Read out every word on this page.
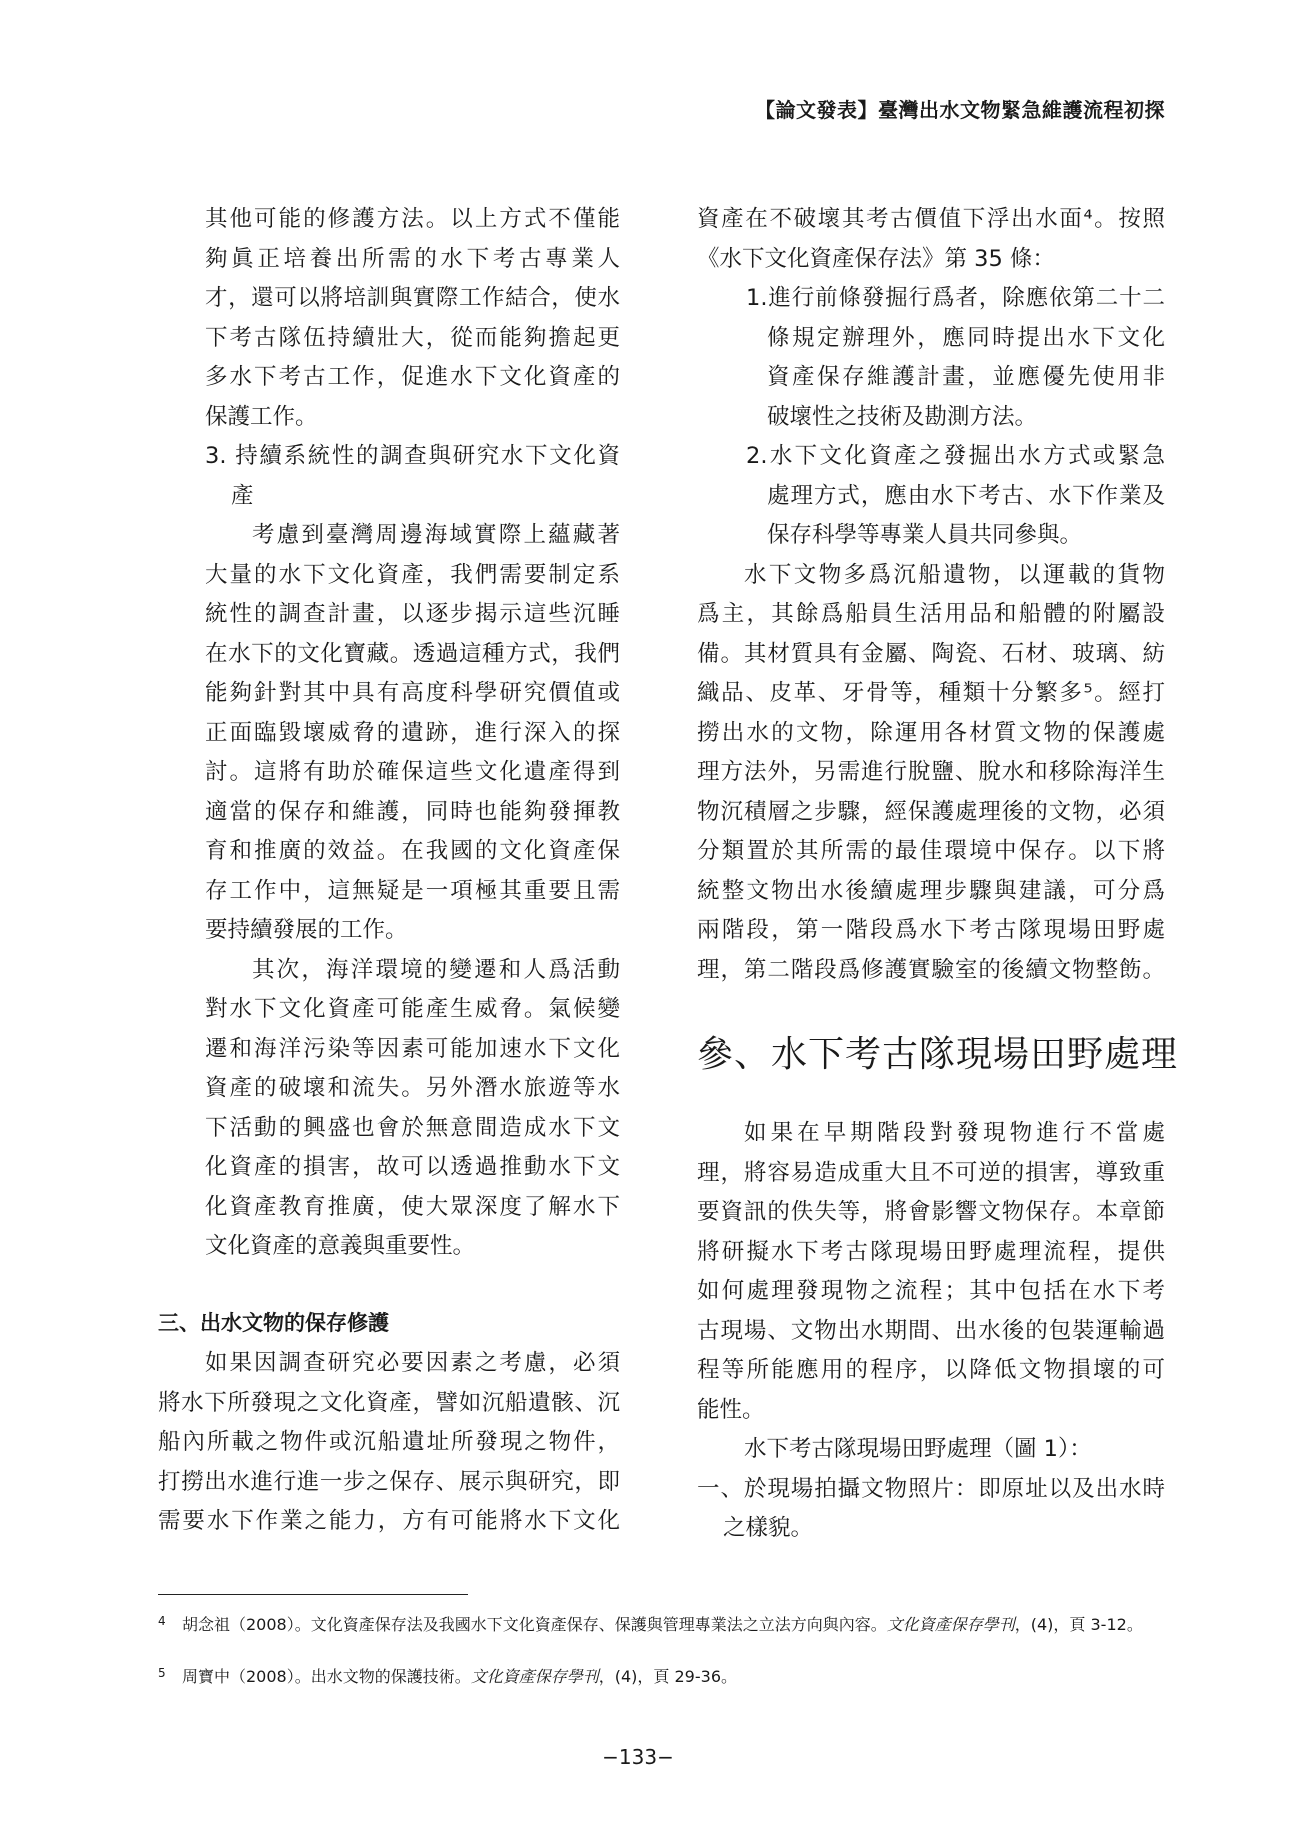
【論文發表】臺灣出水文物緊急維護流程初探
其他可能的修護方法。以上方式不僅能
夠眞正培養出所需的水下考古專業人
才，還可以將培訓與實際工作結合，使水
下考古隊伍持續壯大，從而能夠擔起更
多水下考古工作，促進水下文化資產的
保護工作。
3. 持續系統性的調查與研究水下文化資
產
考慮到臺灣周邊海域實際上蘊藏著
大量的水下文化資產，我們需要制定系
統性的調查計畫，以逐步揭示這些沉睡
在水下的文化寶藏。透過這種方式，我們
能夠針對其中具有高度科學研究價值或
正面臨毀壞威脅的遺跡，進行深入的探
討。這將有助於確保這些文化遺產得到
適當的保存和維護，同時也能夠發揮教
育和推廣的效益。在我國的文化資產保
存工作中，這無疑是一項極其重要且需
要持續發展的工作。
其次，海洋環境的變遷和人爲活動
對水下文化資產可能產生威脅。氣候變
遷和海洋污染等因素可能加速水下文化
資產的破壞和流失。另外潛水旅遊等水
下活動的興盛也會於無意間造成水下文
化資產的損害，故可以透過推動水下文
化資產教育推廣，使大眾深度了解水下
文化資產的意義與重要性。
三、出水文物的保存修護
如果因調查研究必要因素之考慮，必須
將水下所發現之文化資產，譬如沉船遺骸、沉
船內所載之物件或沉船遺址所發現之物件，
打撈出水進行進一步之保存、展示與研究，即
需要水下作業之能力，方有可能將水下文化
資產在不破壞其考古價值下浮出水面⁴。按照
《水下文化資產保存法》第 35 條：
1.進行前條發掘行爲者，除應依第二十二
條規定辦理外，應同時提出水下文化
資產保存維護計畫，並應優先使用非
破壞性之技術及勘測方法。
2.水下文化資產之發掘出水方式或緊急
處理方式，應由水下考古、水下作業及
保存科學等專業人員共同參與。
水下文物多爲沉船遺物，以運載的貨物
爲主，其餘爲船員生活用品和船體的附屬設
備。其材質具有金屬、陶瓷、石材、玻璃、紡
織品、皮革、牙骨等，種類十分繁多⁵。經打
撈出水的文物，除運用各材質文物的保護處
理方法外，另需進行脫鹽、脫水和移除海洋生
物沉積層之步驟，經保護處理後的文物，必須
分類置於其所需的最佳環境中保存。以下將
統整文物出水後續處理步驟與建議，可分爲
兩階段，第一階段爲水下考古隊現場田野處
理，第二階段爲修護實驗室的後續文物整飭。
參、水下考古隊現場田野處理
如果在早期階段對發現物進行不當處
理，將容易造成重大且不可逆的損害，導致重
要資訊的佚失等，將會影響文物保存。本章節
將研擬水下考古隊現場田野處理流程，提供
如何處理發現物之流程；其中包括在水下考
古現場、文物出水期間、出水後的包裝運輸過
程等所能應用的程序，以降低文物損壞的可
能性。
水下考古隊現場田野處理（圖 1）：
一、於現場拍攝文物照片：即原址以及出水時
之樣貌。
4 胡念祖（2008）。文化資產保存法及我國水下文化資產保存、保護與管理專業法之立法方向與內容。文化資產保存學刊，(4)，頁 3-12。
5 周寶中（2008）。出水文物的保護技術。文化資產保存學刊，(4)，頁 29-36。
−133−
